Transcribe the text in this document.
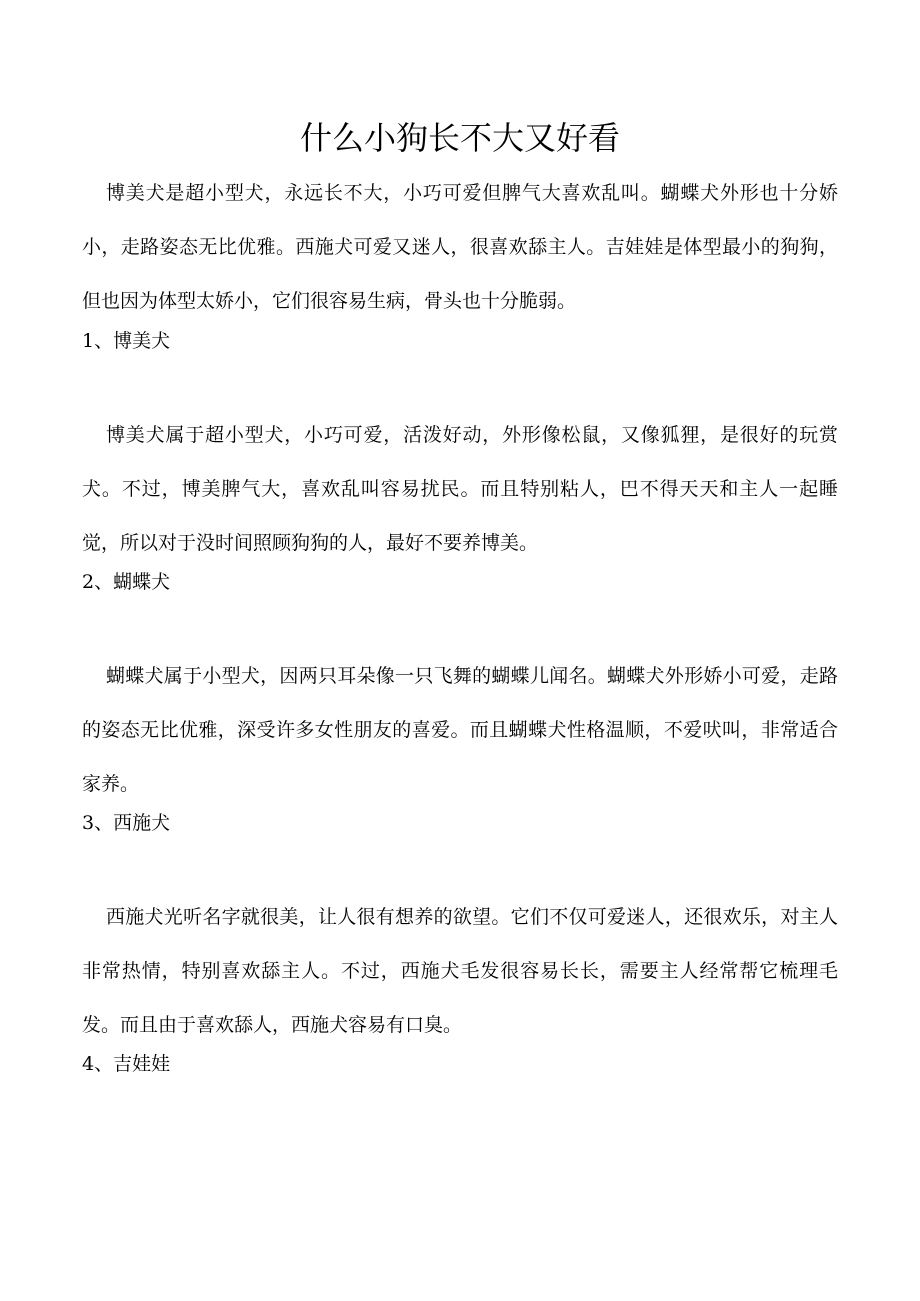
什么小狗长不大又好看

博美犬是超小型犬，永远长不大，小巧可爱但脾气大喜欢乱叫。蝴蝶犬外形也十分娇小，走路姿态无比优雅。西施犬可爱又迷人，很喜欢舔主人。吉娃娃是体型最小的狗狗，但也因为体型太娇小，它们很容易生病，骨头也十分脆弱。

1、博美犬

博美犬属于超小型犬，小巧可爱，活泼好动，外形像松鼠，又像狐狸，是很好的玩赏犬。不过，博美脾气大，喜欢乱叫容易扰民。而且特别粘人，巴不得天天和主人一起睡觉，所以对于没时间照顾狗狗的人，最好不要养博美。

2、蝴蝶犬

蝴蝶犬属于小型犬，因两只耳朵像一只飞舞的蝴蝶儿闻名。蝴蝶犬外形娇小可爱，走路的姿态无比优雅，深受许多女性朋友的喜爱。而且蝴蝶犬性格温顺，不爱吠叫，非常适合家养。

3、西施犬

西施犬光听名字就很美，让人很有想养的欲望。它们不仅可爱迷人，还很欢乐，对主人非常热情，特别喜欢舔主人。不过，西施犬毛发很容易长长，需要主人经常帮它梳理毛发。而且由于喜欢舔人，西施犬容易有口臭。

4、吉娃娃
